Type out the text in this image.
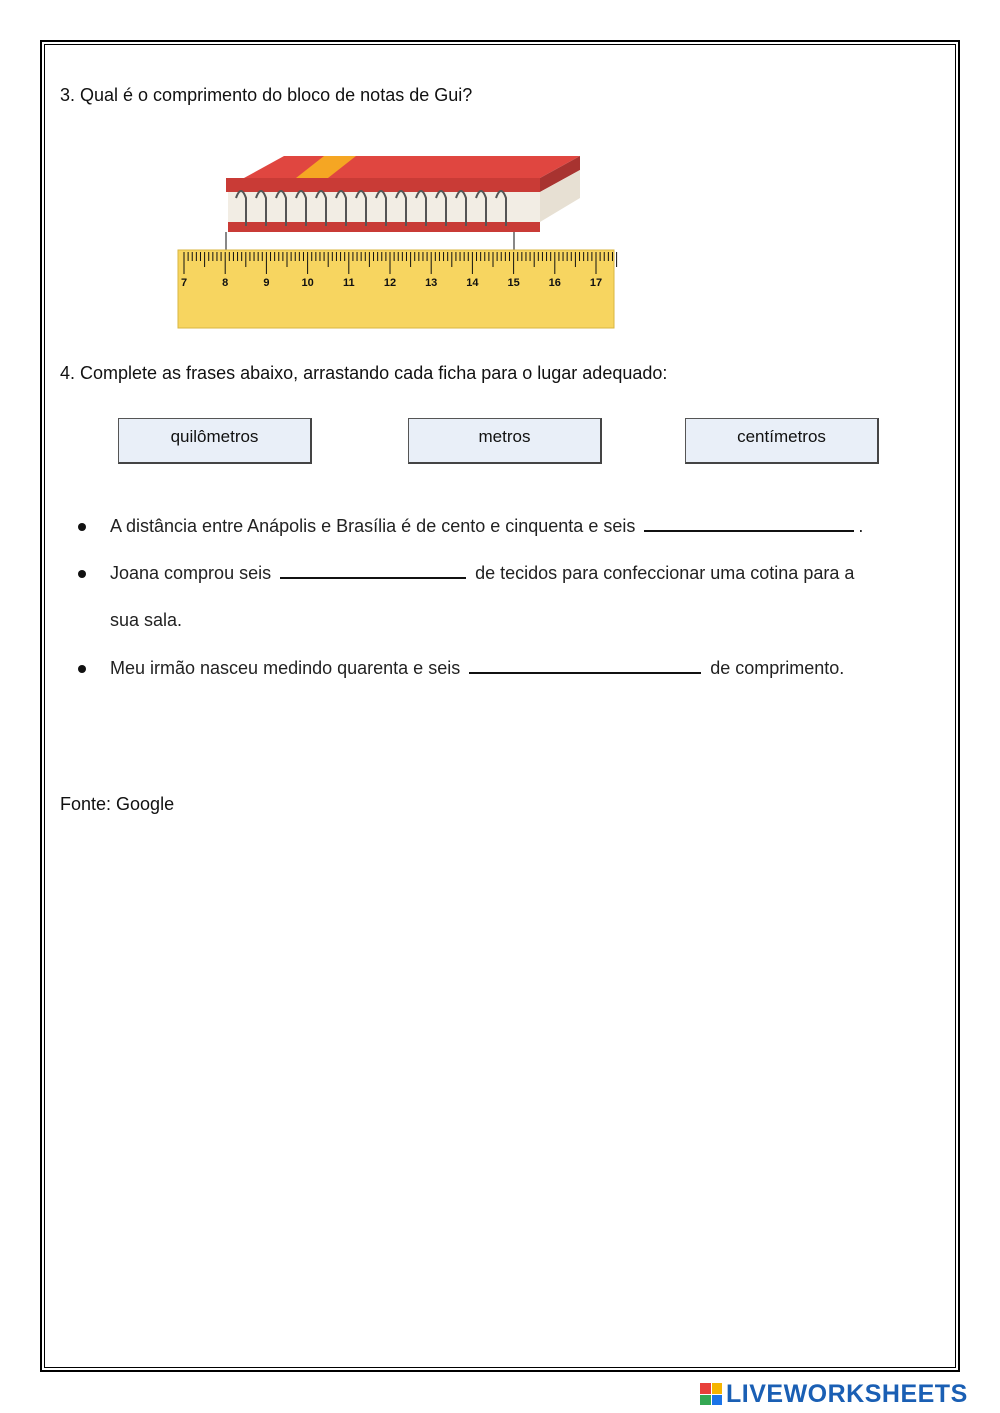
3. Qual é o comprimento do bloco de notas de Gui?
7	8	9	10	11	12	13	14	15	16	17
4. Complete as frases abaixo, arrastando cada ficha para o lugar adequado:
quilômetros	metros	centímetros
A distância entre Anápolis e Brasília é de cento e cinquenta e seis	.
Joana comprou seis	de tecidos para confeccionar uma cotina para a
sua sala.
Meu irmão nasceu medindo quarenta e seis	de comprimento.
Fonte: Google
LIVEWORKSHEETS
